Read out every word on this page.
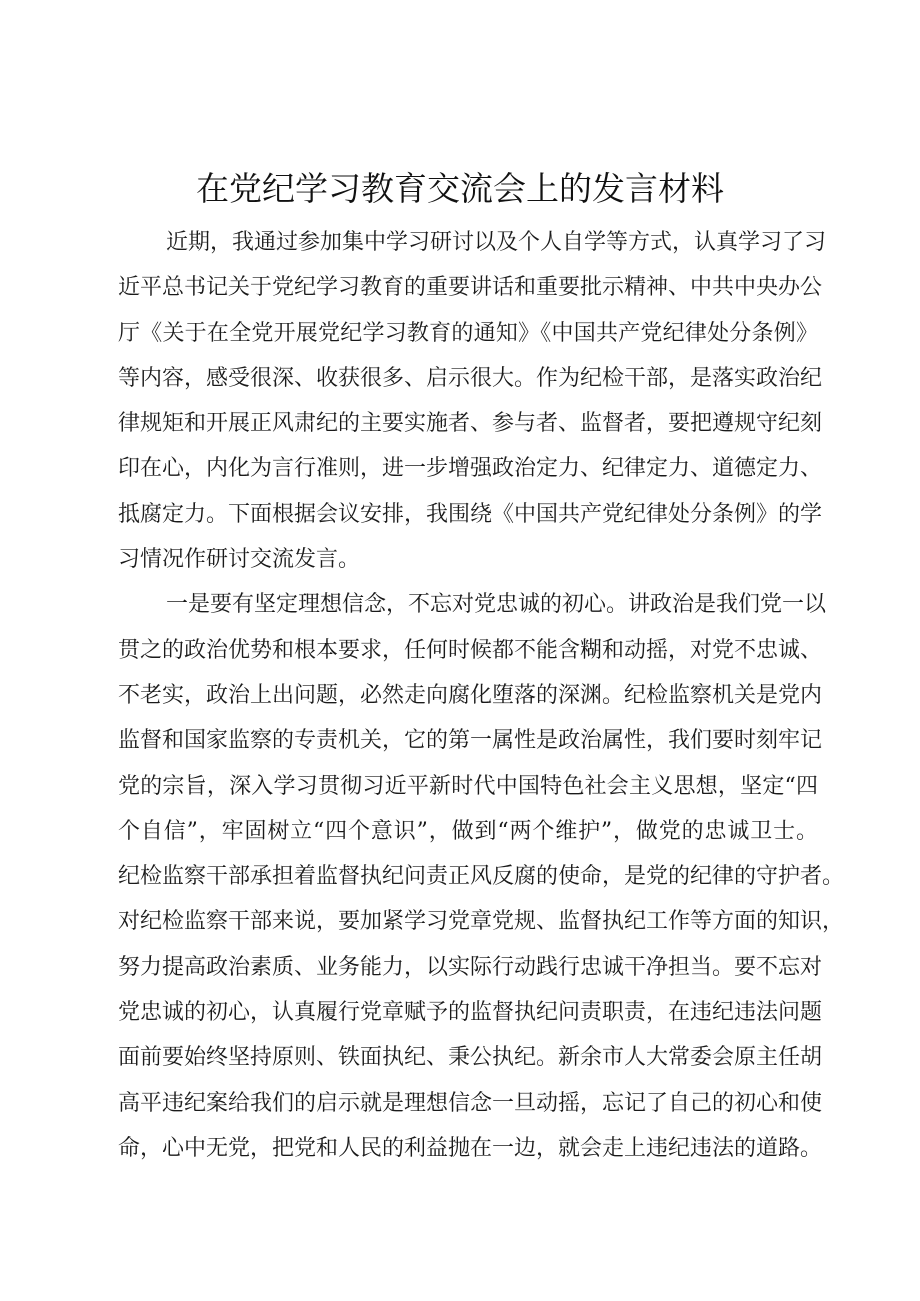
在党纪学习教育交流会上的发言材料
近期，我通过参加集中学习研讨以及个人自学等方式，认真学习了习
近平总书记关于党纪学习教育的重要讲话和重要批示精神、中共中央办公
厅《关于在全党开展党纪学习教育的通知》《中国共产党纪律处分条例》
等内容，感受很深、收获很多、启示很大。作为纪检干部，是落实政治纪
律规矩和开展正风肃纪的主要实施者、参与者、监督者，要把遵规守纪刻
印在心，内化为言行准则，进一步增强政治定力、纪律定力、道德定力、
抵腐定力。下面根据会议安排，我围绕《中国共产党纪律处分条例》的学
习情况作研讨交流发言。
一是要有坚定理想信念，不忘对党忠诚的初心。讲政治是我们党一以
贯之的政治优势和根本要求，任何时候都不能含糊和动摇，对党不忠诚、
不老实，政治上出问题，必然走向腐化堕落的深渊。纪检监察机关是党内
监督和国家监察的专责机关，它的第一属性是政治属性，我们要时刻牢记
党的宗旨，深入学习贯彻习近平新时代中国特色社会主义思想，坚定“四
个自信”，牢固树立“四个意识”，做到“两个维护”，做党的忠诚卫士。
纪检监察干部承担着监督执纪问责正风反腐的使命，是党的纪律的守护者。
对纪检监察干部来说，要加紧学习党章党规、监督执纪工作等方面的知识，
努力提高政治素质、业务能力，以实际行动践行忠诚干净担当。要不忘对
党忠诚的初心，认真履行党章赋予的监督执纪问责职责，在违纪违法问题
面前要始终坚持原则、铁面执纪、秉公执纪。新余市人大常委会原主任胡
高平违纪案给我们的启示就是理想信念一旦动摇，忘记了自己的初心和使
命，心中无党，把党和人民的利益抛在一边，就会走上违纪违法的道路。
